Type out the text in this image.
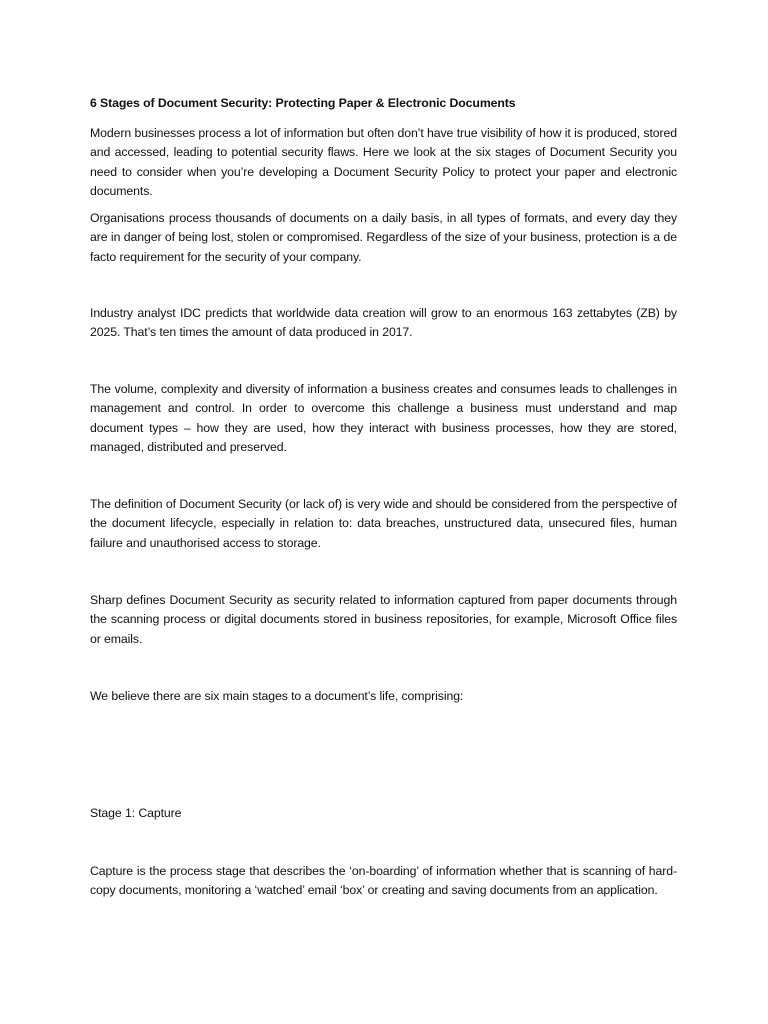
6 Stages of Document Security: Protecting Paper & Electronic Documents

Modern businesses process a lot of information but often don’t have true visibility of how it is produced, stored and accessed, leading to potential security flaws. Here we look at the six stages of Document Security you need to consider when you’re developing a Document Security Policy to protect your paper and electronic documents.

Organisations process thousands of documents on a daily basis, in all types of formats, and every day they are in danger of being lost, stolen or compromised. Regardless of the size of your business, protection is a de facto requirement for the security of your company.

Industry analyst IDC predicts that worldwide data creation will grow to an enormous 163 zettabytes (ZB) by 2025. That’s ten times the amount of data produced in 2017.

The volume, complexity and diversity of information a business creates and consumes leads to challenges in management and control. In order to overcome this challenge a business must understand and map document types – how they are used, how they interact with business processes, how they are stored, managed, distributed and preserved.

The definition of Document Security (or lack of) is very wide and should be considered from the perspective of the document lifecycle, especially in relation to: data breaches, unstructured data, unsecured files, human failure and unauthorised access to storage.

Sharp defines Document Security as security related to information captured from paper documents through the scanning process or digital documents stored in business repositories, for example, Microsoft Office files or emails.

We believe there are six main stages to a document’s life, comprising:

Stage 1: Capture

Capture is the process stage that describes the ‘on-boarding’ of information whether that is scanning of hard-copy documents, monitoring a ‘watched’ email ‘box’ or creating and saving documents from an application.
